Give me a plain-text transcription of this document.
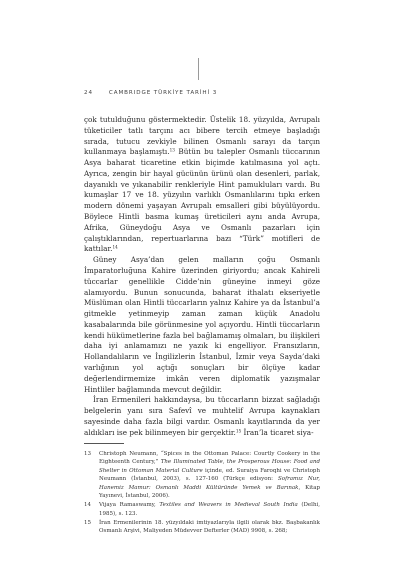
24	CAMBRIDGE TÜRKİYE TARİHİ 3

çok tutulduğunu göstermektedir. Üstelik 18. yüzyılda, Avrupalı tüketiciler tatlı tarçını acı bibere tercih etmeye başladığı sırada, tutucu zevkiyle bilinen Osmanlı sarayı da tarçın kullanmaya başlamıştı.$^{13}$ Bütün bu talepler Osmanlı tüccarının Asya baharat ticaretine etkin biçimde katılmasına yol açtı. Ayrıca, zengin bir hayal gücünün ürünü olan desenleri, parlak, dayanıklı ve yıkanabilir renkleriyle Hint pamukluları vardı. Bu kumaşlar 17 ve 18. yüzyılın varlıklı Osmanlılarını tıpkı erken modern dönemi yaşayan Avrupalı emsalleri gibi büyülüyordu. Böylece Hintli basma kumaş üreticileri aynı anda Avrupa, Afrika, Güneydoğu Asya ve Osmanlı pazarları için çalıştıklarından, repertuarlarına bazı “Türk” motifleri de kattılar.$^{14}$

Güney Asya’dan gelen malların çoğu Osmanlı İmparatorluğuna Kahire üzerinden giriyordu; ancak Kahireli tüccarlar genellikle Cidde’nin güneyine inmeyi göze alamıyordu. Bunun sonucunda, baharat ithalatı ekseriyetle Müslüman olan Hintli tüccarların yalnız Kahire ya da İstanbul’a gitmekle yetinmeyip zaman zaman küçük Anadolu kasabalarında bile görünmesine yol açıyordu. Hintli tüccarların kendi hükümetlerine fazla bel bağlamamış olmaları, bu ilişkileri daha iyi anlamamızı ne yazık ki engelliyor. Fransızların, Hollandalıların ve İngilizlerin İstanbul, İzmir veya Sayda’daki varlığının yol açtığı sonuçları bir ölçüye kadar değerlendirmemize imkân veren diplomatik yazışmalar Hintliler bağlamında mevcut değildir.

İran Ermenileri hakkındaysa, bu tüccarların bizzat sağladığı belgelerin yanı sıra Safevî ve muhtelif Avrupa kaynakları sayesinde daha fazla bilgi vardır. Osmanlı kayıtlarında da yer aldıkları ise pek bilinmeyen bir gerçektir.$^{15}$ İran’la ticaret siya-

13	Christoph Neumann, “Spices in the Ottoman Palace: Courtly Cookery in the Eighteenth Century,” The Illuminated Table, the Prosperous House: Food and Shelter in Ottoman Material Culture içinde, ed. Suraiya Faroqhi ve Christoph Neumann (İstanbul, 2003), s. 127-160 (Türkçe edisyon: Soframız Nur, Hanemiz Mamur: Osmanlı Maddi Kültüründe Yemek ve Barınak, Kitap Yayınevi, İstanbul, 2006).
14	Vijaya Ramaswamy, Textiles and Weavers in Medieval South India (Delhi, 1985), s. 123.
15	İran Ermenilerinin 18. yüzyıldaki imtiyazlarıyla ilgili olarak bkz. Başbakanlık Osmanlı Arşivi, Maliyeden Müdevver Defterler (MAD) 9908, s. 268;
